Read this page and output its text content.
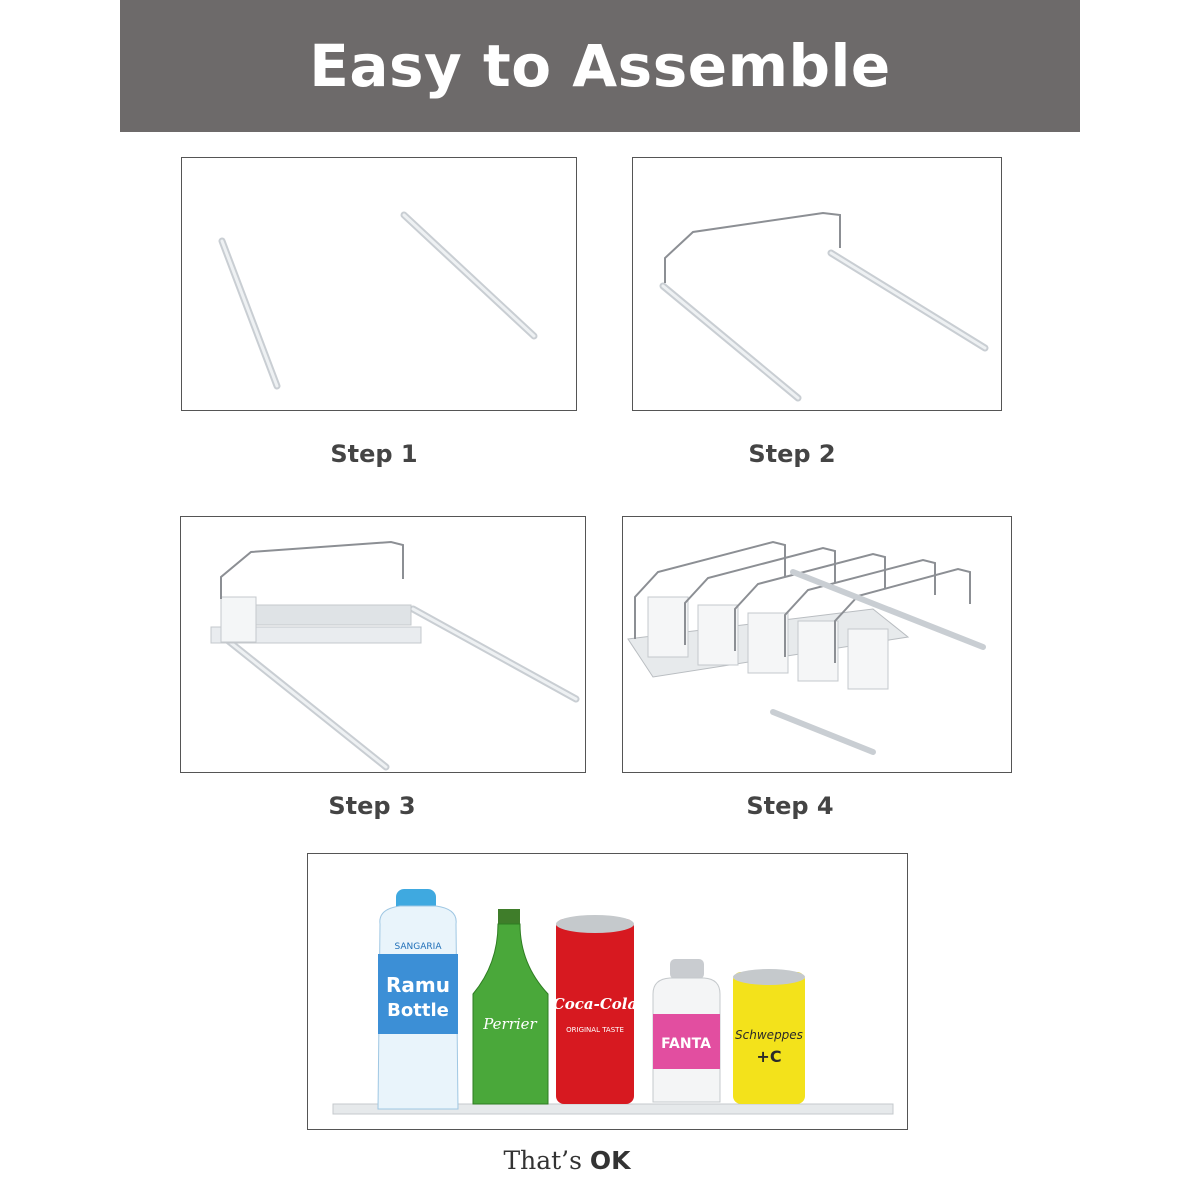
Easy to Assemble
Step 1	Step 2
Step 3	Step 4
Ramu
Bottle
SANGARIA
Perrier
Coca-Cola
ORIGINAL TASTE
FANTA
Schweppes
+C
That’s OK
